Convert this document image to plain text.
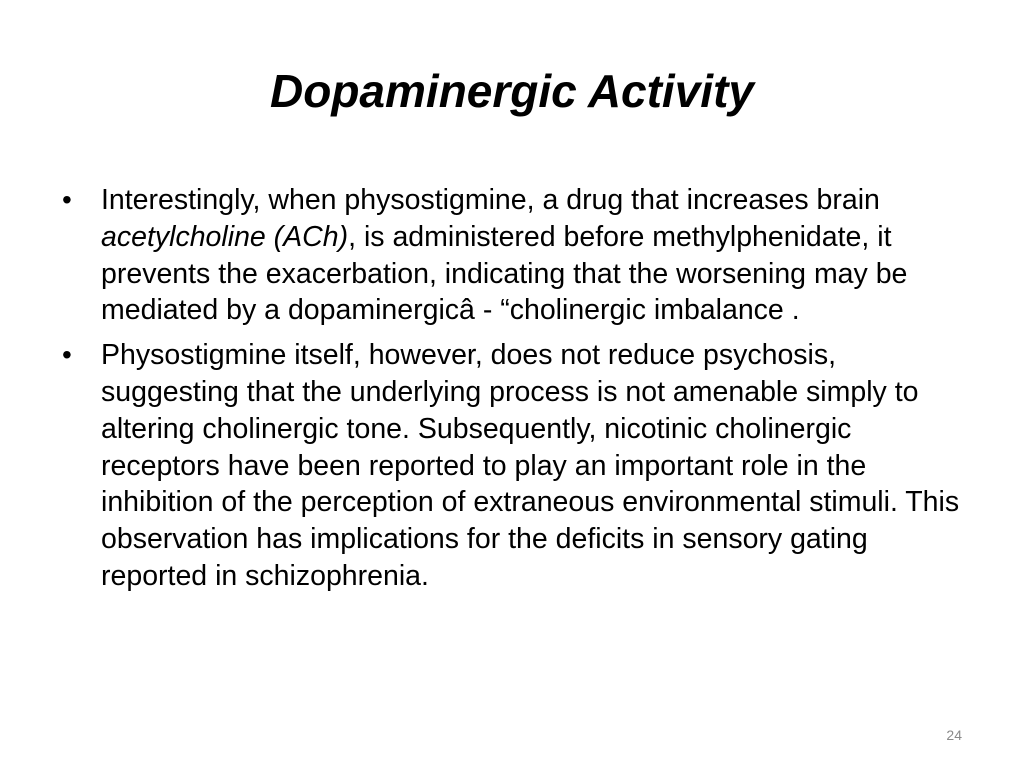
Dopaminergic Activity
• Interestingly, when physostigmine, a drug that increases brain acetylcholine (ACh), is administered before methylphenidate, it prevents the exacerbation, indicating that the worsening may be mediated by a dopaminergicâ - “cholinergic imbalance .
• Physostigmine itself, however, does not reduce psychosis, suggesting that the underlying process is not amenable simply to altering cholinergic tone. Subsequently, nicotinic cholinergic receptors have been reported to play an important role in the inhibition of the perception of extraneous environmental stimuli. This observation has implications for the deficits in sensory gating reported in schizophrenia.
24
